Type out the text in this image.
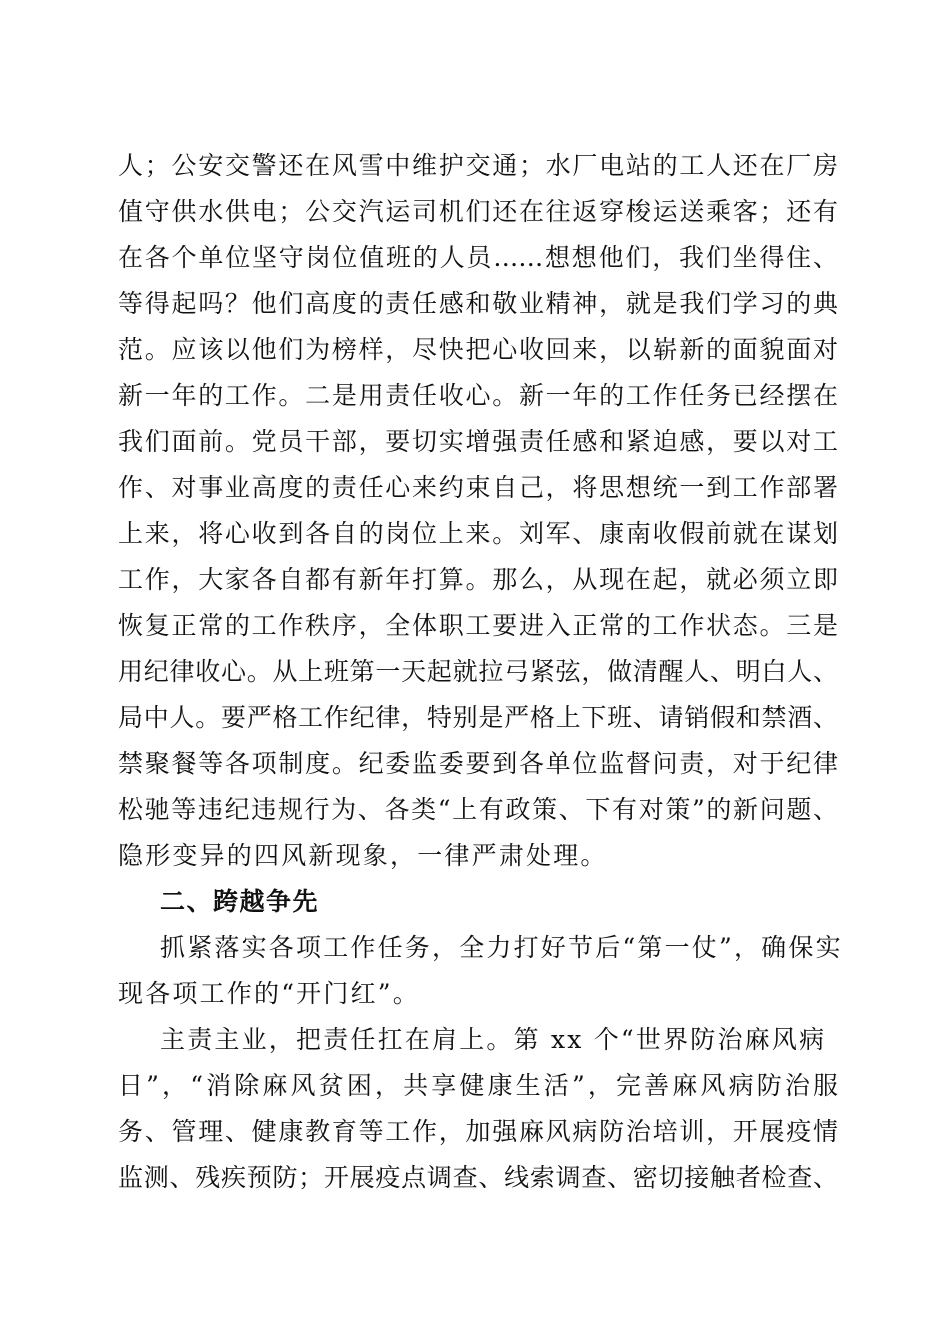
人；公安交警还在风雪中维护交通；水厂电站的工人还在厂房
值守供水供电；公交汽运司机们还在往返穿梭运送乘客；还有
在各个单位坚守岗位值班的人员……想想他们，我们坐得住、
等得起吗？他们高度的责任感和敬业精神，就是我们学习的典
范。应该以他们为榜样，尽快把心收回来，以崭新的面貌面对
新一年的工作。二是用责任收心。新一年的工作任务已经摆在
我们面前。党员干部，要切实增强责任感和紧迫感，要以对工
作、对事业高度的责任心来约束自己，将思想统一到工作部署
上来，将心收到各自的岗位上来。刘军、康南收假前就在谋划
工作，大家各自都有新年打算。那么，从现在起，就必须立即
恢复正常的工作秩序，全体职工要进入正常的工作状态。三是
用纪律收心。从上班第一天起就拉弓紧弦，做清醒人、明白人、
局中人。要严格工作纪律，特别是严格上下班、请销假和禁酒、
禁聚餐等各项制度。纪委监委要到各单位监督问责，对于纪律
松驰等违纪违规行为、各类“上有政策、下有对策”的新问题、
隐形变异的四风新现象，一律严肃处理。
二、跨越争先
抓紧落实各项工作任务，全力打好节后“第一仗”，确保实
现各项工作的“开门红”。
主责主业，把责任扛在肩上。第 xx 个“世界防治麻风病
日”，“消除麻风贫困，共享健康生活”，完善麻风病防治服
务、管理、健康教育等工作，加强麻风病防治培训，开展疫情
监测、残疾预防；开展疫点调查、线索调查、密切接触者检查、
